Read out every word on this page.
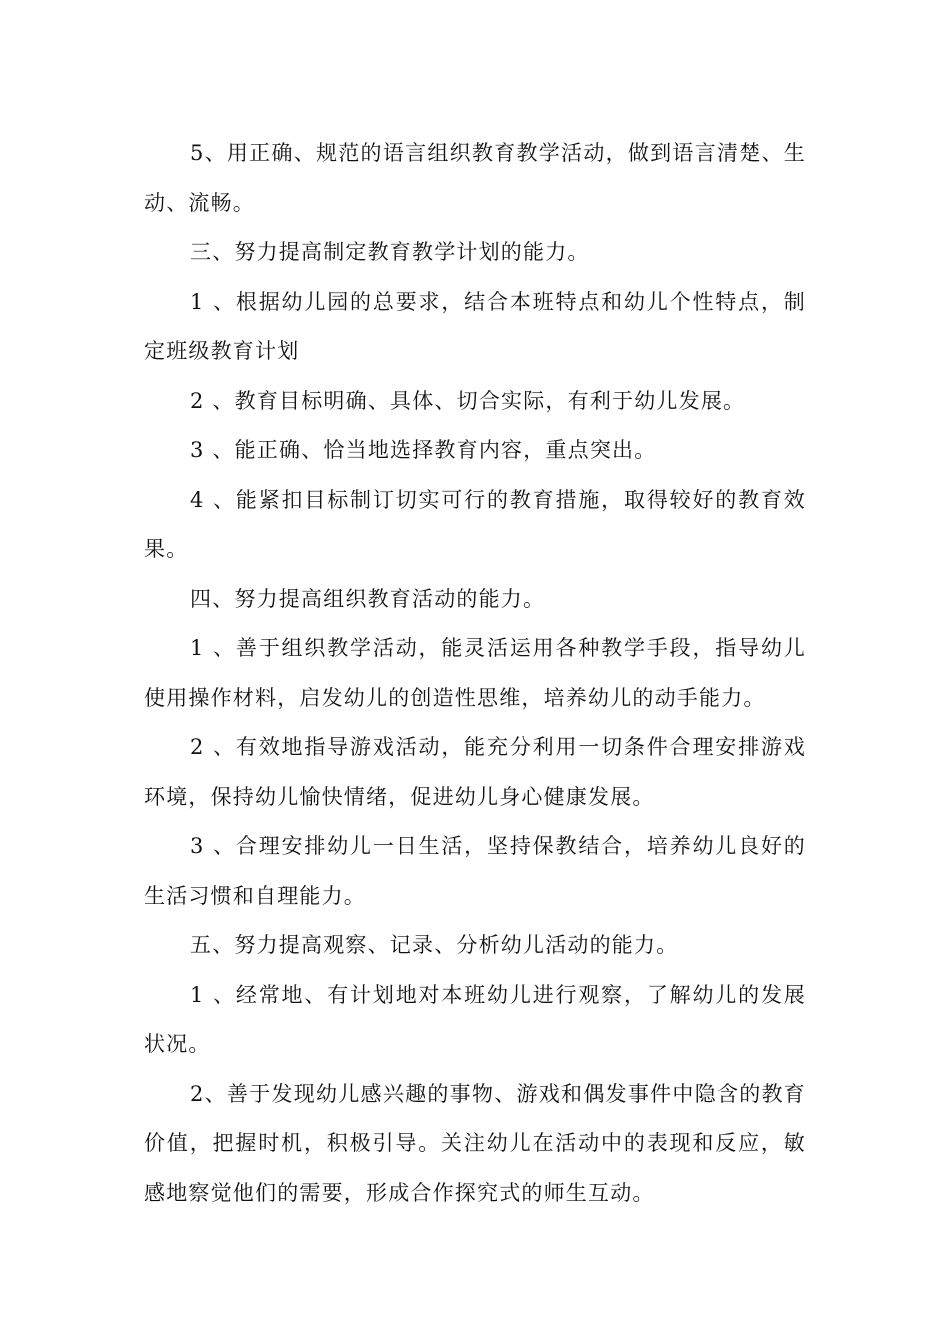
5、用正确、规范的语言组织教育教学活动，做到语言清楚、生动、流畅。

三、努力提高制定教育教学计划的能力。

1 、根据幼儿园的总要求，结合本班特点和幼儿个性特点，制定班级教育计划

2 、教育目标明确、具体、切合实际，有利于幼儿发展。

3 、能正确、恰当地选择教育内容，重点突出。

4 、能紧扣目标制订切实可行的教育措施，取得较好的教育效果。

四、努力提高组织教育活动的能力。

1 、善于组织教学活动，能灵活运用各种教学手段，指导幼儿使用操作材料，启发幼儿的创造性思维，培养幼儿的动手能力。

2 、有效地指导游戏活动，能充分利用一切条件合理安排游戏环境，保持幼儿愉快情绪，促进幼儿身心健康发展。

3 、合理安排幼儿一日生活，坚持保教结合，培养幼儿良好的生活习惯和自理能力。

五、努力提高观察、记录、分析幼儿活动的能力。

1 、经常地、有计划地对本班幼儿进行观察，了解幼儿的发展状况。

2、善于发现幼儿感兴趣的事物、游戏和偶发事件中隐含的教育价值，把握时机，积极引导。关注幼儿在活动中的表现和反应，敏感地察觉他们的需要，形成合作探究式的师生互动。
